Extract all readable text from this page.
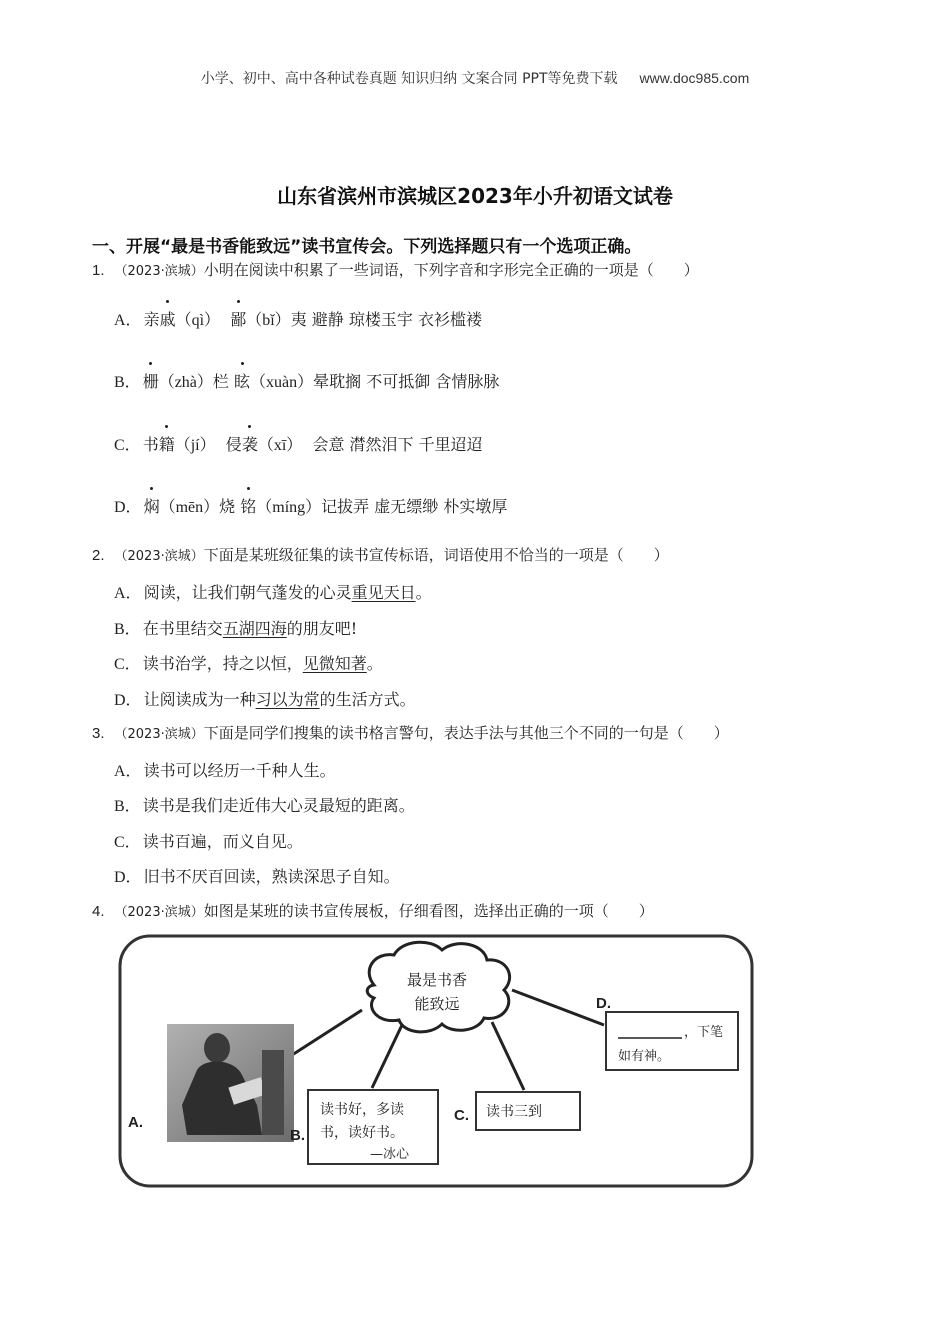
小学、初中、高中各种试卷真题 知识归纳 文案合同 PPT等免费下载 www.doc985.com
山东省滨州市滨城区2023年小升初语文试卷
一、开展“最是书香能致远”读书宣传会。下列选择题只有一个选项正确。
1. （2023·滨城）小明在阅读中积累了一些词语，下列字音和字形完全正确的一项是（　　）
A． 亲戚（qì） 鄙（bǐ）夷 避静 琼楼玉宇 衣衫槛褛
B． 栅（zhà）栏 眩（xuàn）晕耽搁 不可抵御 含情脉脉
C． 书籍（jí） 侵袭（xī） 会意 潸然泪下 千里迢迢
D． 焖（mēn）烧 铭（míng）记拔弄 虚无缥缈 朴实墩厚
2. （2023·滨城）下面是某班级征集的读书宣传标语，词语使用不恰当的一项是（　　）
A． 阅读，让我们朝气蓬发的心灵重见天日。
B． 在书里结交五湖四海的朋友吧!
C． 读书治学，持之以恒，见微知著。
D． 让阅读成为一种习以为常的生活方式。
3. （2023·滨城）下面是同学们搜集的读书格言警句，表达手法与其他三个不同的一句是（　　）
A． 读书可以经历一千种人生。
B． 读书是我们走近伟大心灵最短的距离。
C． 读书百遍，而义自见。
D． 旧书不厌百回读，熟读深思子自知。
4. （2023·滨城）如图是某班的读书宣传展板，仔细看图，选择出正确的一项（　　）
最是书香
能致远
A.
B.
读书好，多读
书，读好书。
—冰心
C. 读书三到
D.
，下笔
如有神。
